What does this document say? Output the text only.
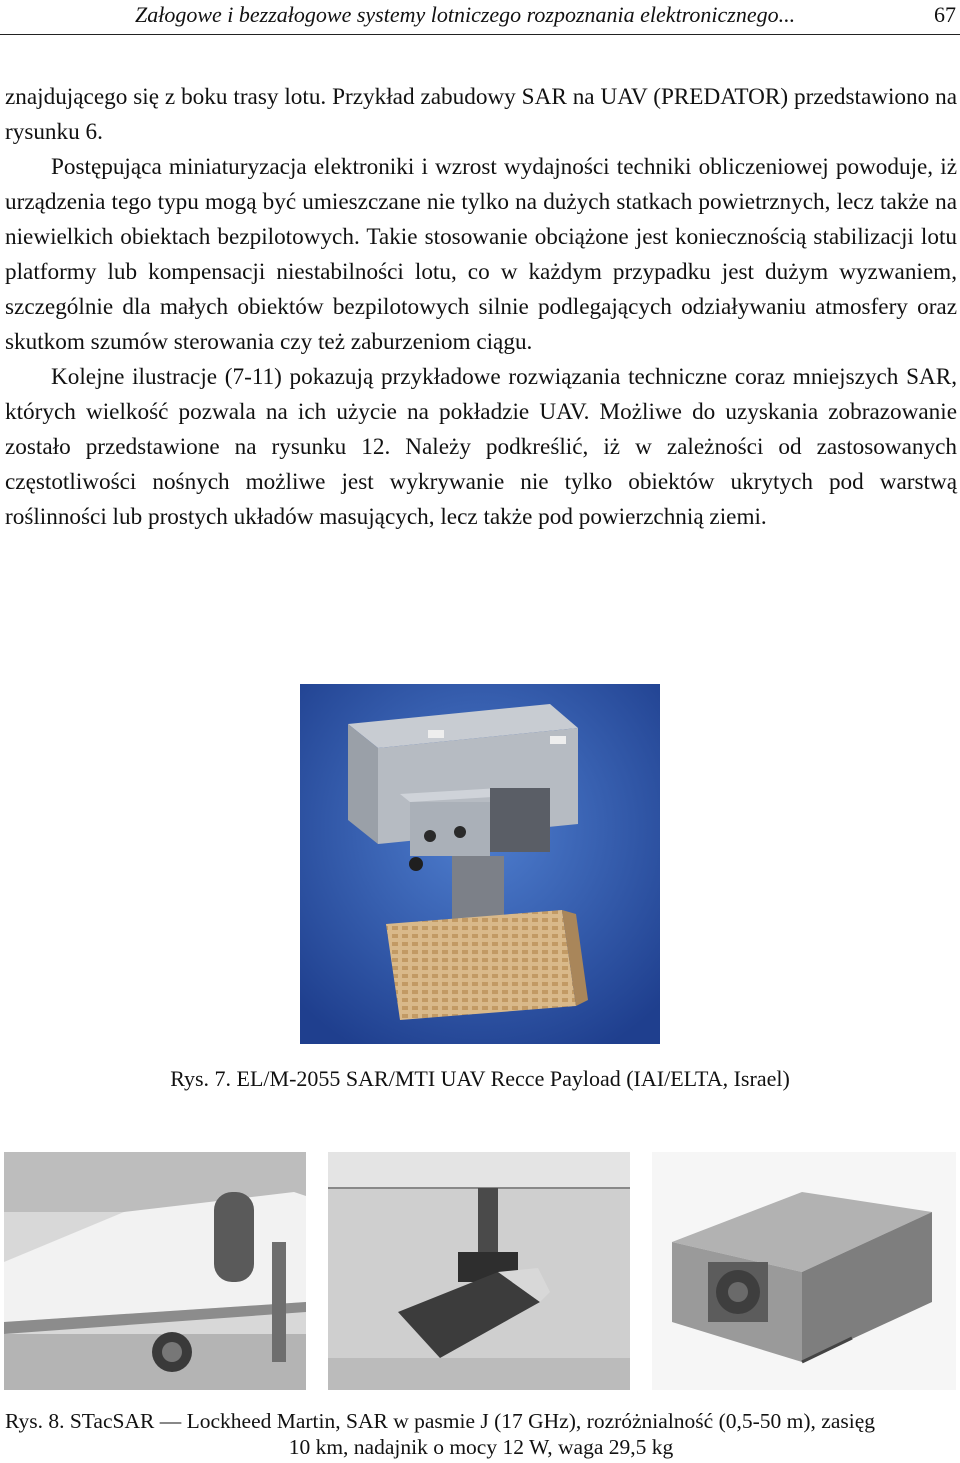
Załogowe i bezzałogowe systemy lotniczego rozpoznania elektronicznego...	67

znajdującego się z boku trasy lotu. Przykład zabudowy SAR na UAV (PREDATOR) przedstawiono na rysunku 6.

Postępująca miniaturyzacja elektroniki i wzrost wydajności techniki obliczeniowej powoduje, iż urządzenia tego typu mogą być umieszczane nie tylko na dużych statkach powietrznych, lecz także na niewielkich obiektach bezpilotowych. Takie stosowanie obciążone jest koniecznością stabilizacji lotu platformy lub kompensacji niestabilności lotu, co w każdym przypadku jest dużym wyzwaniem, szczególnie dla małych obiektów bezpilotowych silnie podlegających odziaływaniu atmosfery oraz skutkom szumów sterowania czy też zaburzeniom ciągu.

Kolejne ilustracje (7-11) pokazują przykładowe rozwiązania techniczne coraz mniejszych SAR, których wielkość pozwala na ich użycie na pokładzie UAV. Możliwe do uzyskania zobrazowanie zostało przedstawione na rysunku 12. Należy podkreślić, iż w zależności od zastosowanych częstotliwości nośnych możliwe jest wykrywanie nie tylko obiektów ukrytych pod warstwą roślinności lub prostych układów masujących, lecz także pod powierzchnią ziemi.

Rys. 7. EL/M-2055 SAR/MTI UAV Recce Payload (IAI/ELTA, Israel)
Rys. 8. STacSAR — Lockheed Martin, SAR w pasmie J (17 GHz), rozróżnialność (0,5-50 m), zasięg
10 km, nadajnik o mocy 12 W, waga 29,5 kg
